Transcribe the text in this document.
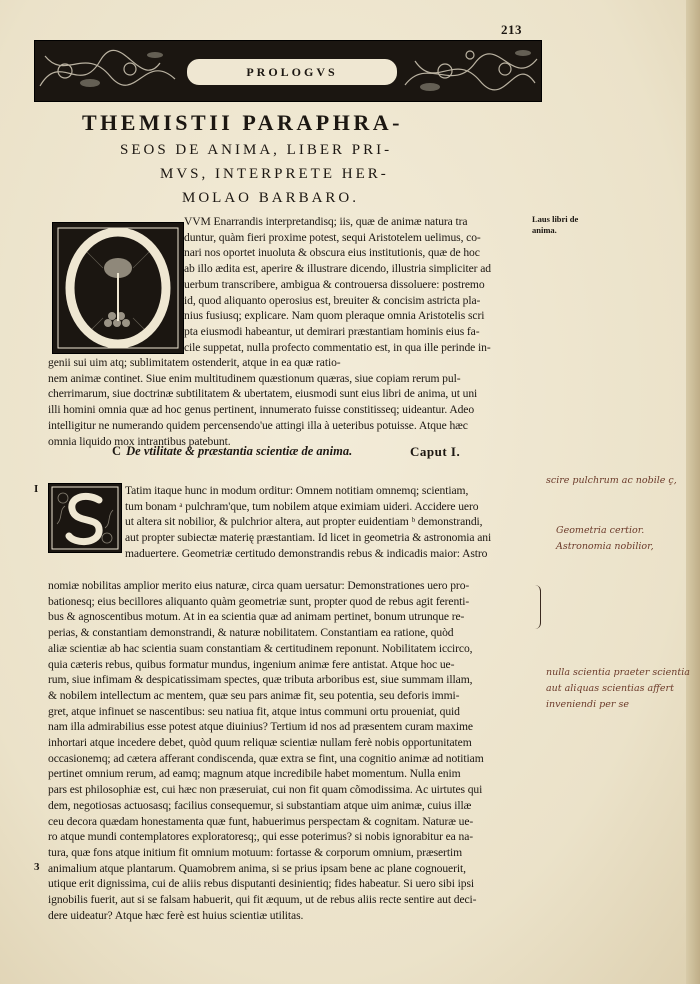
213
PROLOGVS
THEMISTII PARAPHRA-
SEOS DE ANIMA, LIBER PRI-
MVS, INTERPRETE HER-
MOLAO BARBARO.
VVM Enarrandis interpretandisq; iis, quæ de animæ natura tra
duntur, quàm fieri proxime potest, sequi Aristotelem uelimus, co-
nari nos oportet inuoluta & obscura eius institutionis, quæ de hoc
ab illo ædita est, aperire & illustrare dicendo, illustria simpliciter ad
uerbum transcribere, ambigua & controuersa dissoluere: postremo
id, quod aliquanto operosius est, breuiter & concisim astricta pla-
nius fusiusq; explicare. Nam quom pleraque omnia Aristotelis scri
pta eiusmodi habeantur, ut demirari præstantiam hominis eius fa-
cile suppetat, nulla profecto commentatio est, in qua ille perinde in-
genii sui uim atq; sublimitatem ostenderit, atque in ea quæ ratio-
nem animæ continet. Siue enim multitudinem quæstionum quæras, siue copiam rerum pul-
cherrimarum, siue doctrinæ subtilitatem & ubertatem, eiusmodi sunt eius libri de anima, ut uni
illi homini omnia quæ ad hoc genus pertinent, innumerato fuisse constitisseq; uideantur. Adeo
intelligitur ne numerando quidem percensendo'ue attingi illa à ueteribus potuisse. Atque hæc
omnia liquido mox intrantibus patebunt.
Laus libri de
anima.
C De vtilitate & præstantia scientiæ de anima.	Caput I.
I	Tatim itaque hunc in modum orditur: Omnem notitiam omnemq; scientiam,
tum bonam ᵃ pulchram'que, tum nobilem atque eximiam uideri. Accidere uero
ut altera sit nobilior, & pulchrior altera, aut propter euidentiam ᵇ demonstrandi,
aut propter subiectæ materię præstantiam. Id licet in geometria & astronomia ani
maduertere. Geometriæ certitudo demonstrandis rebus & indicadis maior: Astro
nomiæ nobilitas amplior merito eius naturæ, circa quam uersatur: Demonstrationes uero pro-
bationesq; eius becillores aliquanto quàm geometriæ sunt, propter quod de rebus agit ferenti-
bus & agnoscentibus motum. At in ea scientia quæ ad animam pertinet, bonum utrunque re-
perias, & constantiam demonstrandi, & naturæ nobilitatem. Constantiam ea ratione, quòd
aliæ scientiæ ab hac scientia suam constantiam & certitudinem reponunt. Nobilitatem iccirco,
quia cæteris rebus, quibus formatur mundus, ingenium animæ fere antistat. Atque hoc ue-
rum, siue infimam & despicatissimam spectes, quæ tributa arboribus est, siue summam illam,
& nobilem intellectum ac mentem, quæ seu pars animæ fit, seu potentia, seu deforis immi-
gret, atque infinuet se nascentibus: seu natiua fit, atque intus communi ortu proueniat, quid
nam illa admirabilius esse potest atque diuinius? Tertium id nos ad præsentem curam maxime
inhortari atque incedere debet, quòd quum reliquæ scientiæ nullam ferè nobis opportunitatem
occasionemq; ad cætera afferant condiscenda, quæ extra se fint, una cognitio animæ ad notitiam
pertinet omnium rerum, ad eamq; magnum atque incredibile habet momentum. Nulla enim
pars est philosophiæ est, cui hæc non præseruiat, cui non fit quam cõmodissima. Ac uirtutes qui
dem, negotiosas actuosasq; facilius consequemur, si substantiam atque uim animæ, cuius illæ
ceu decora quædam honestamenta quæ funt, habuerimus perspectam & cognitam. Naturæ ue-
ro atque mundi contemplatores exploratoresq;, qui esse poterimus? si nobis ignorabitur ea na-
tura, quæ fons atque initium fit omnium motuum: fortasse & corporum omnium, præsertim
animalium atque plantarum. Quamobrem anima, si se prius ipsam bene ac plane cognouerit,
utique erit dignissima, cui de aliis rebus disputanti desinientiq; fides habeatur. Si uero sibi ipsi
ignobilis fuerit, aut si se falsam habuerit, qui fit æquum, ut de rebus aliis recte sentire aut deci-
dere uideatur? Atque hæc ferè est huius scientiæ utilitas.
3
scire pulchrum ac nobile ç,
Geometria certior.
Astronomia nobilior,
nulla scientia praeter scientia
aut aliquas scientias affert
inveniendi per se
